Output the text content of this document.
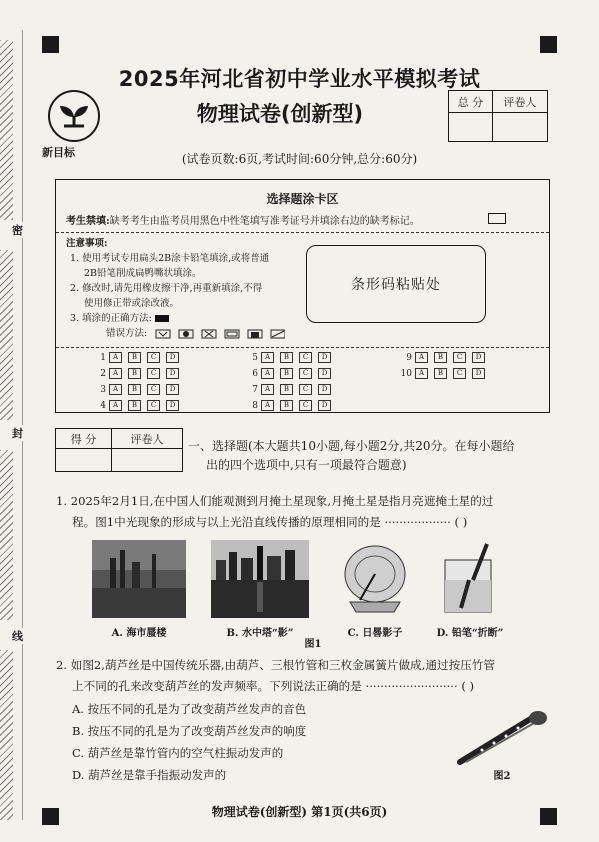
密
封
线
2025年河北省初中学业水平模拟考试
物理试卷(创新型)
新目标
总 分	评卷人

(试卷页数:6页,考试时间:60分钟,总分:60分)
选择题涂卡区
考生禁填:缺考考生由监考员用黑色中性笔填写准考证号并填涂右边的缺考标记。
注意事项:
1. 使用考试专用扁头2B涂卡铅笔填涂,或将普通
2B铅笔削成扁鸭嘴状填涂。
2. 修改时,请先用橡皮擦干净,再重新填涂,不得
使用修正带或涂改液。
3. 填涂的正确方法:
错误方法:
条形码粘贴处
1 A	B	C	D
2 A	B	C	D
3 A	B	C	D
4 A	B	C	D
5 A	B	C	D
6 A	B	C	D
7 A	B	C	D
8 A	B	C	D
9 A	B	C	D
10 A	B	C	D
得 分	评卷人
	一、选择题(本大题共10小题,每小题2分,共20分。在每小题给
出的四个选项中,只有一项最符合题意)
1. 2025年2月1日,在中国人们能观测到月掩土星现象,月掩土星是指月亮遮掩土星的过
程。图1中光现象的形成与以上光沿直线传播的原理相同的是 ·················· ( )
A. 海市蜃楼	B. 水中塔“影”	C. 日晷影子	D. 铅笔“折断”
图1
2. 如图2,葫芦丝是中国传统乐器,由葫芦、三根竹管和三枚金属簧片做成,通过按压竹管
上不同的孔来改变葫芦丝的发声频率。下列说法正确的是 ························· ( )
A. 按压不同的孔是为了改变葫芦丝发声的音色
B. 按压不同的孔是为了改变葫芦丝发声的响度
C. 葫芦丝是靠竹管内的空气柱振动发声的
D. 葫芦丝是靠手指振动发声的	图2
物理试卷(创新型) 第1页(共6页)
